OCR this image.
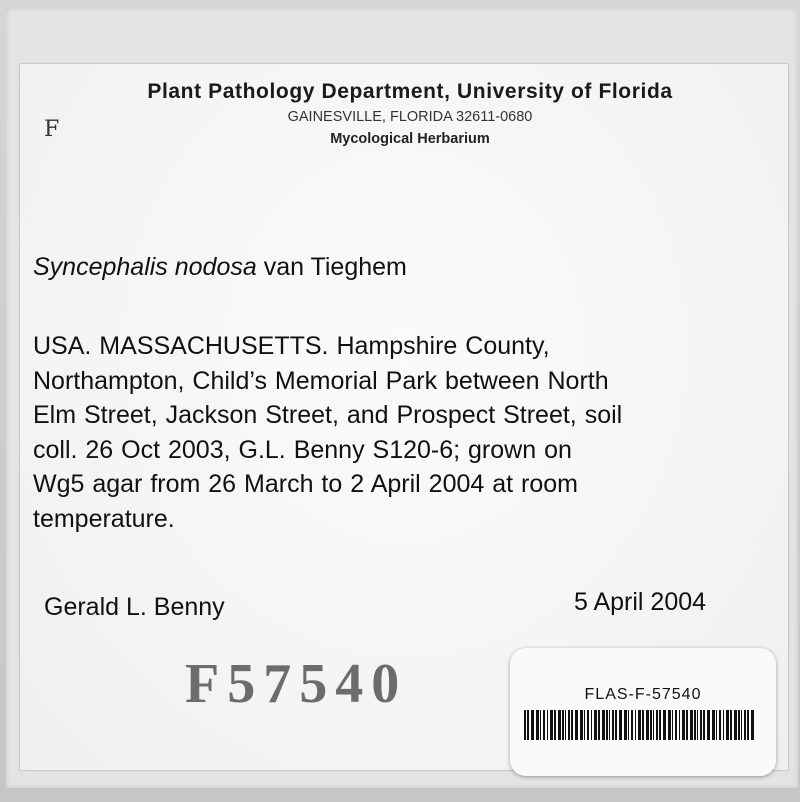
Plant Pathology Department, University of Florida
GAINESVILLE, FLORIDA 32611-0680
Mycological Herbarium
F
Syncephalis nodosa van Tieghem
USA. MASSACHUSETTS. Hampshire County,
Northampton, Child’s Memorial Park between North
Elm Street, Jackson Street, and Prospect Street, soil
coll. 26 Oct 2003, G.L. Benny S120-6; grown on
Wg5 agar from 26 March to 2 April 2004 at room
temperature.
Gerald L. Benny	5 April 2004
F57540	FLAS-F-57540
